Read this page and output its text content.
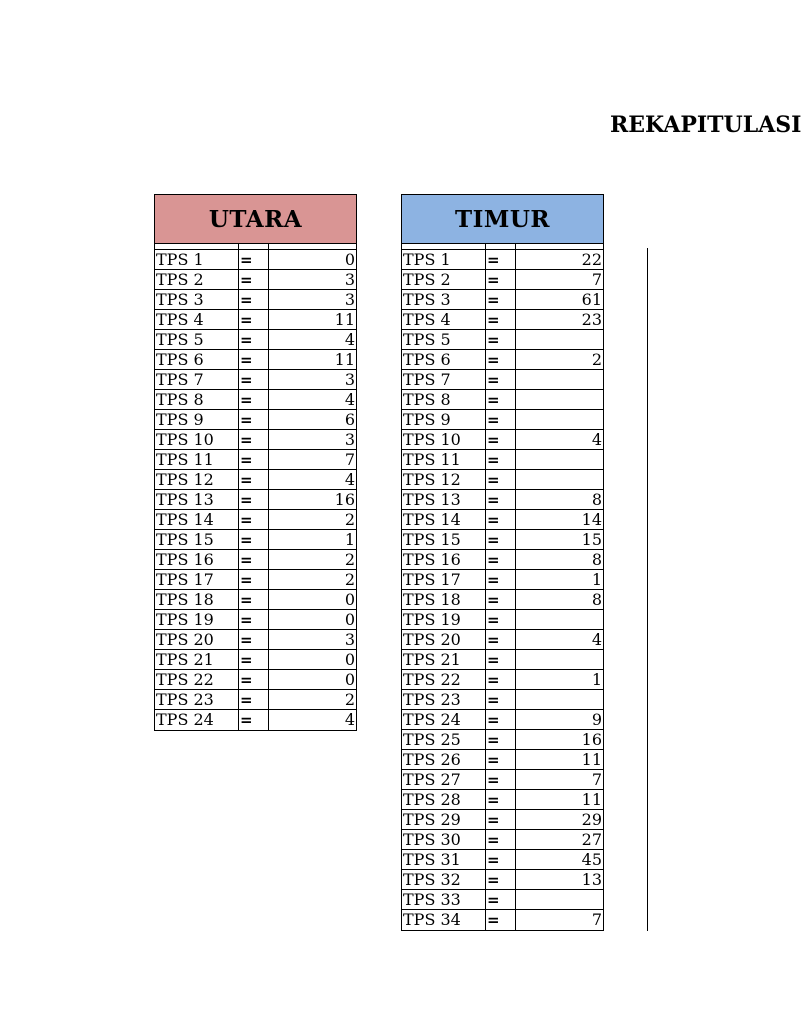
REKAPITULASI
UTARA
TPS 1	=	0
TPS 2	=	3
TPS 3	=	3
TPS 4	=	11
TPS 5	=	4
TPS 6	=	11
TPS 7	=	3
TPS 8	=	4
TPS 9	=	6
TPS 10	=	3
TPS 11	=	7
TPS 12	=	4
TPS 13	=	16
TPS 14	=	2
TPS 15	=	1
TPS 16	=	2
TPS 17	=	2
TPS 18	=	0
TPS 19	=	0
TPS 20	=	3
TPS 21	=	0
TPS 22	=	0
TPS 23	=	2
TPS 24	=	4
TIMUR
TPS 1	=	22
TPS 2	=	7
TPS 3	=	61
TPS 4	=	23
TPS 5	=
TPS 6	=	2
TPS 7	=
TPS 8	=
TPS 9	=
TPS 10	=	4
TPS 11	=
TPS 12	=
TPS 13	=	8
TPS 14	=	14
TPS 15	=	15
TPS 16	=	8
TPS 17	=	1
TPS 18	=	8
TPS 19	=
TPS 20	=	4
TPS 21	=
TPS 22	=	1
TPS 23	=
TPS 24	=	9
TPS 25	=	16
TPS 26	=	11
TPS 27	=	7
TPS 28	=	11
TPS 29	=	29
TPS 30	=	27
TPS 31	=	45
TPS 32	=	13
TPS 33	=
TPS 34	=	7
